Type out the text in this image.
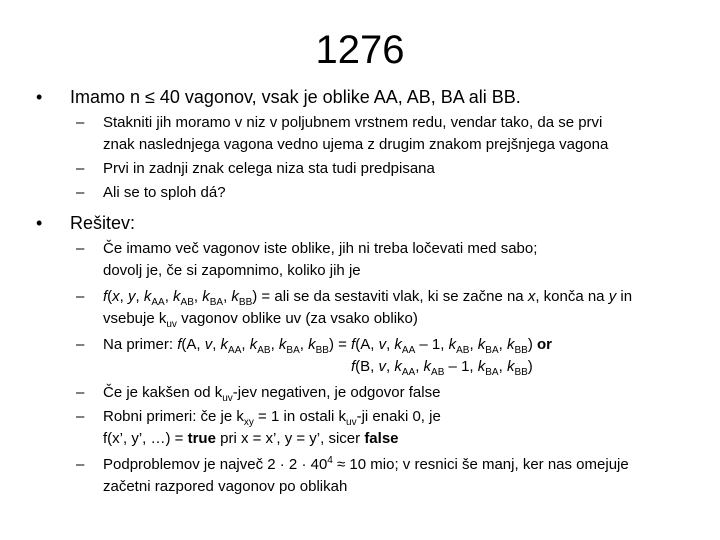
1276
• Imamo n ≤ 40 vagonov, vsak je oblike AA, AB, BA ali BB.
– Stakniti jih moramo v niz v poljubnem vrstnem redu, vendar tako, da se prvi
znak naslednjega vagona vedno ujema z drugim znakom prejšnjega vagona
– Prvi in zadnji znak celega niza sta tudi predpisana
– Ali se to sploh dá?
• Rešitev:
– Če imamo več vagonov iste oblike, jih ni treba ločevati med sabo;
dovolj je, če si zapomnimo, koliko jih je
– f(x, y, $k_{AA}$, $k_{AB}$, $k_{BA}$, $k_{BB}$) = ali se da sestaviti vlak, ki se začne na x, konča na y in
vsebuje $k_{uv}$ vagonov oblike uv (za vsako obliko)
– Na primer: f(A, v, $k_{AA}$, $k_{AB}$, $k_{BA}$, $k_{BB}) = f(A$, v, $k_{AA} - 1$, $k_{AB}$, $k_{BA}$, $k_{BB}$) or
f(B, v, $k_{AA}$, $k_{AB} - 1$, $k_{BA}$, $k_{BB}$)
– Če je kakšen od $k_{uv}$-jev negativen, je odgovor false
– Robni primeri: če je $k_{xy} = 1$ in ostali $k_{uv}-ji$ enaki 0, je
f(x’, y’, …) = true pri x = x’, y = y’, sicer false
– Podproblemov je največ $2 \cdot 2 \cdot 40^4 \approx 10$ mio; v resnici še manj, ker nas omejuje
začetni razpored vagonov po oblikah
